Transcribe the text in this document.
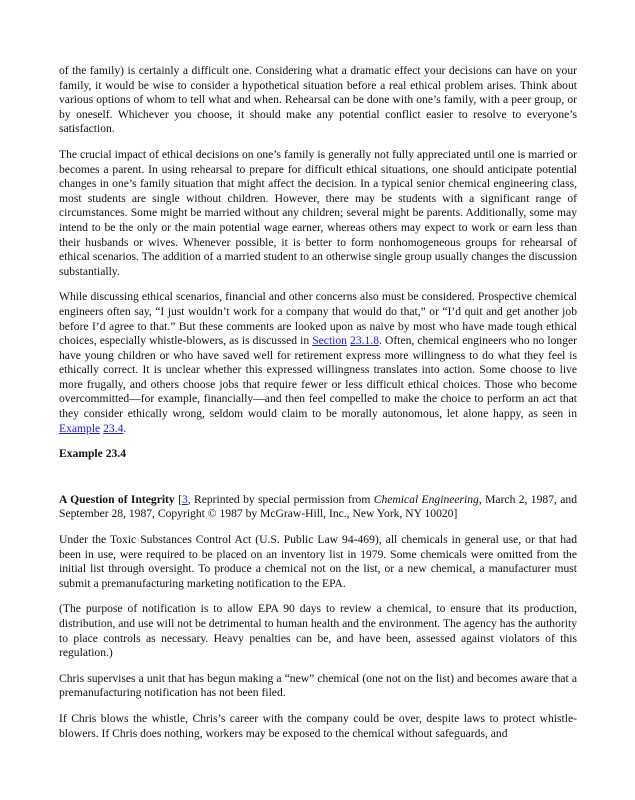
of the family) is certainly a difficult one. Considering what a dramatic effect your decisions can have on your family, it would be wise to consider a hypothetical situation before a real ethical problem arises. Think about various options of whom to tell what and when. Rehearsal can be done with one’s family, with a peer group, or by oneself. Whichever you choose, it should make any potential conflict easier to resolve to everyone’s satisfaction.

The crucial impact of ethical decisions on one’s family is generally not fully appreciated until one is married or becomes a parent. In using rehearsal to prepare for difficult ethical situations, one should anticipate potential changes in one’s family situation that might affect the decision. In a typical senior chemical engineering class, most students are single without children. However, there may be students with a significant range of circumstances. Some might be married without any children; several might be parents. Additionally, some may intend to be the only or the main potential wage earner, whereas others may expect to work or earn less than their husbands or wives. Whenever possible, it is better to form nonhomogeneous groups for rehearsal of ethical scenarios. The addition of a married student to an otherwise single group usually changes the discussion substantially.

While discussing ethical scenarios, financial and other concerns also must be considered. Prospective chemical engineers often say, “I just wouldn’t work for a company that would do that,” or “I’d quit and get another job before I’d agree to that.” But these comments are looked upon as naive by most who have made tough ethical choices, especially whistle-blowers, as is discussed in Section 23.1.8. Often, chemical engineers who no longer have young children or who have saved well for retirement express more willingness to do what they feel is ethically correct. It is unclear whether this expressed willingness translates into action. Some choose to live more frugally, and others choose jobs that require fewer or less difficult ethical choices. Those who become overcommitted—for example, financially—and then feel compelled to make the choice to perform an act that they consider ethically wrong, seldom would claim to be morally autonomous, let alone happy, as seen in Example 23.4.

Example 23.4

A Question of Integrity [3, Reprinted by special permission from Chemical Engineering, March 2, 1987, and September 28, 1987, Copyright © 1987 by McGraw-Hill, Inc., New York, NY 10020]

Under the Toxic Substances Control Act (U.S. Public Law 94-469), all chemicals in general use, or that had been in use, were required to be placed on an inventory list in 1979. Some chemicals were omitted from the initial list through oversight. To produce a chemical not on the list, or a new chemical, a manufacturer must submit a premanufacturing marketing notification to the EPA.

(The purpose of notification is to allow EPA 90 days to review a chemical, to ensure that its production, distribution, and use will not be detrimental to human health and the environment. The agency has the authority to place controls as necessary. Heavy penalties can be, and have been, assessed against violators of this regulation.)

Chris supervises a unit that has begun making a “new” chemical (one not on the list) and becomes aware that a premanufacturing notification has not been filed.

If Chris blows the whistle, Chris’s career with the company could be over, despite laws to protect whistle-blowers. If Chris does nothing, workers may be exposed to the chemical without safeguards, and
